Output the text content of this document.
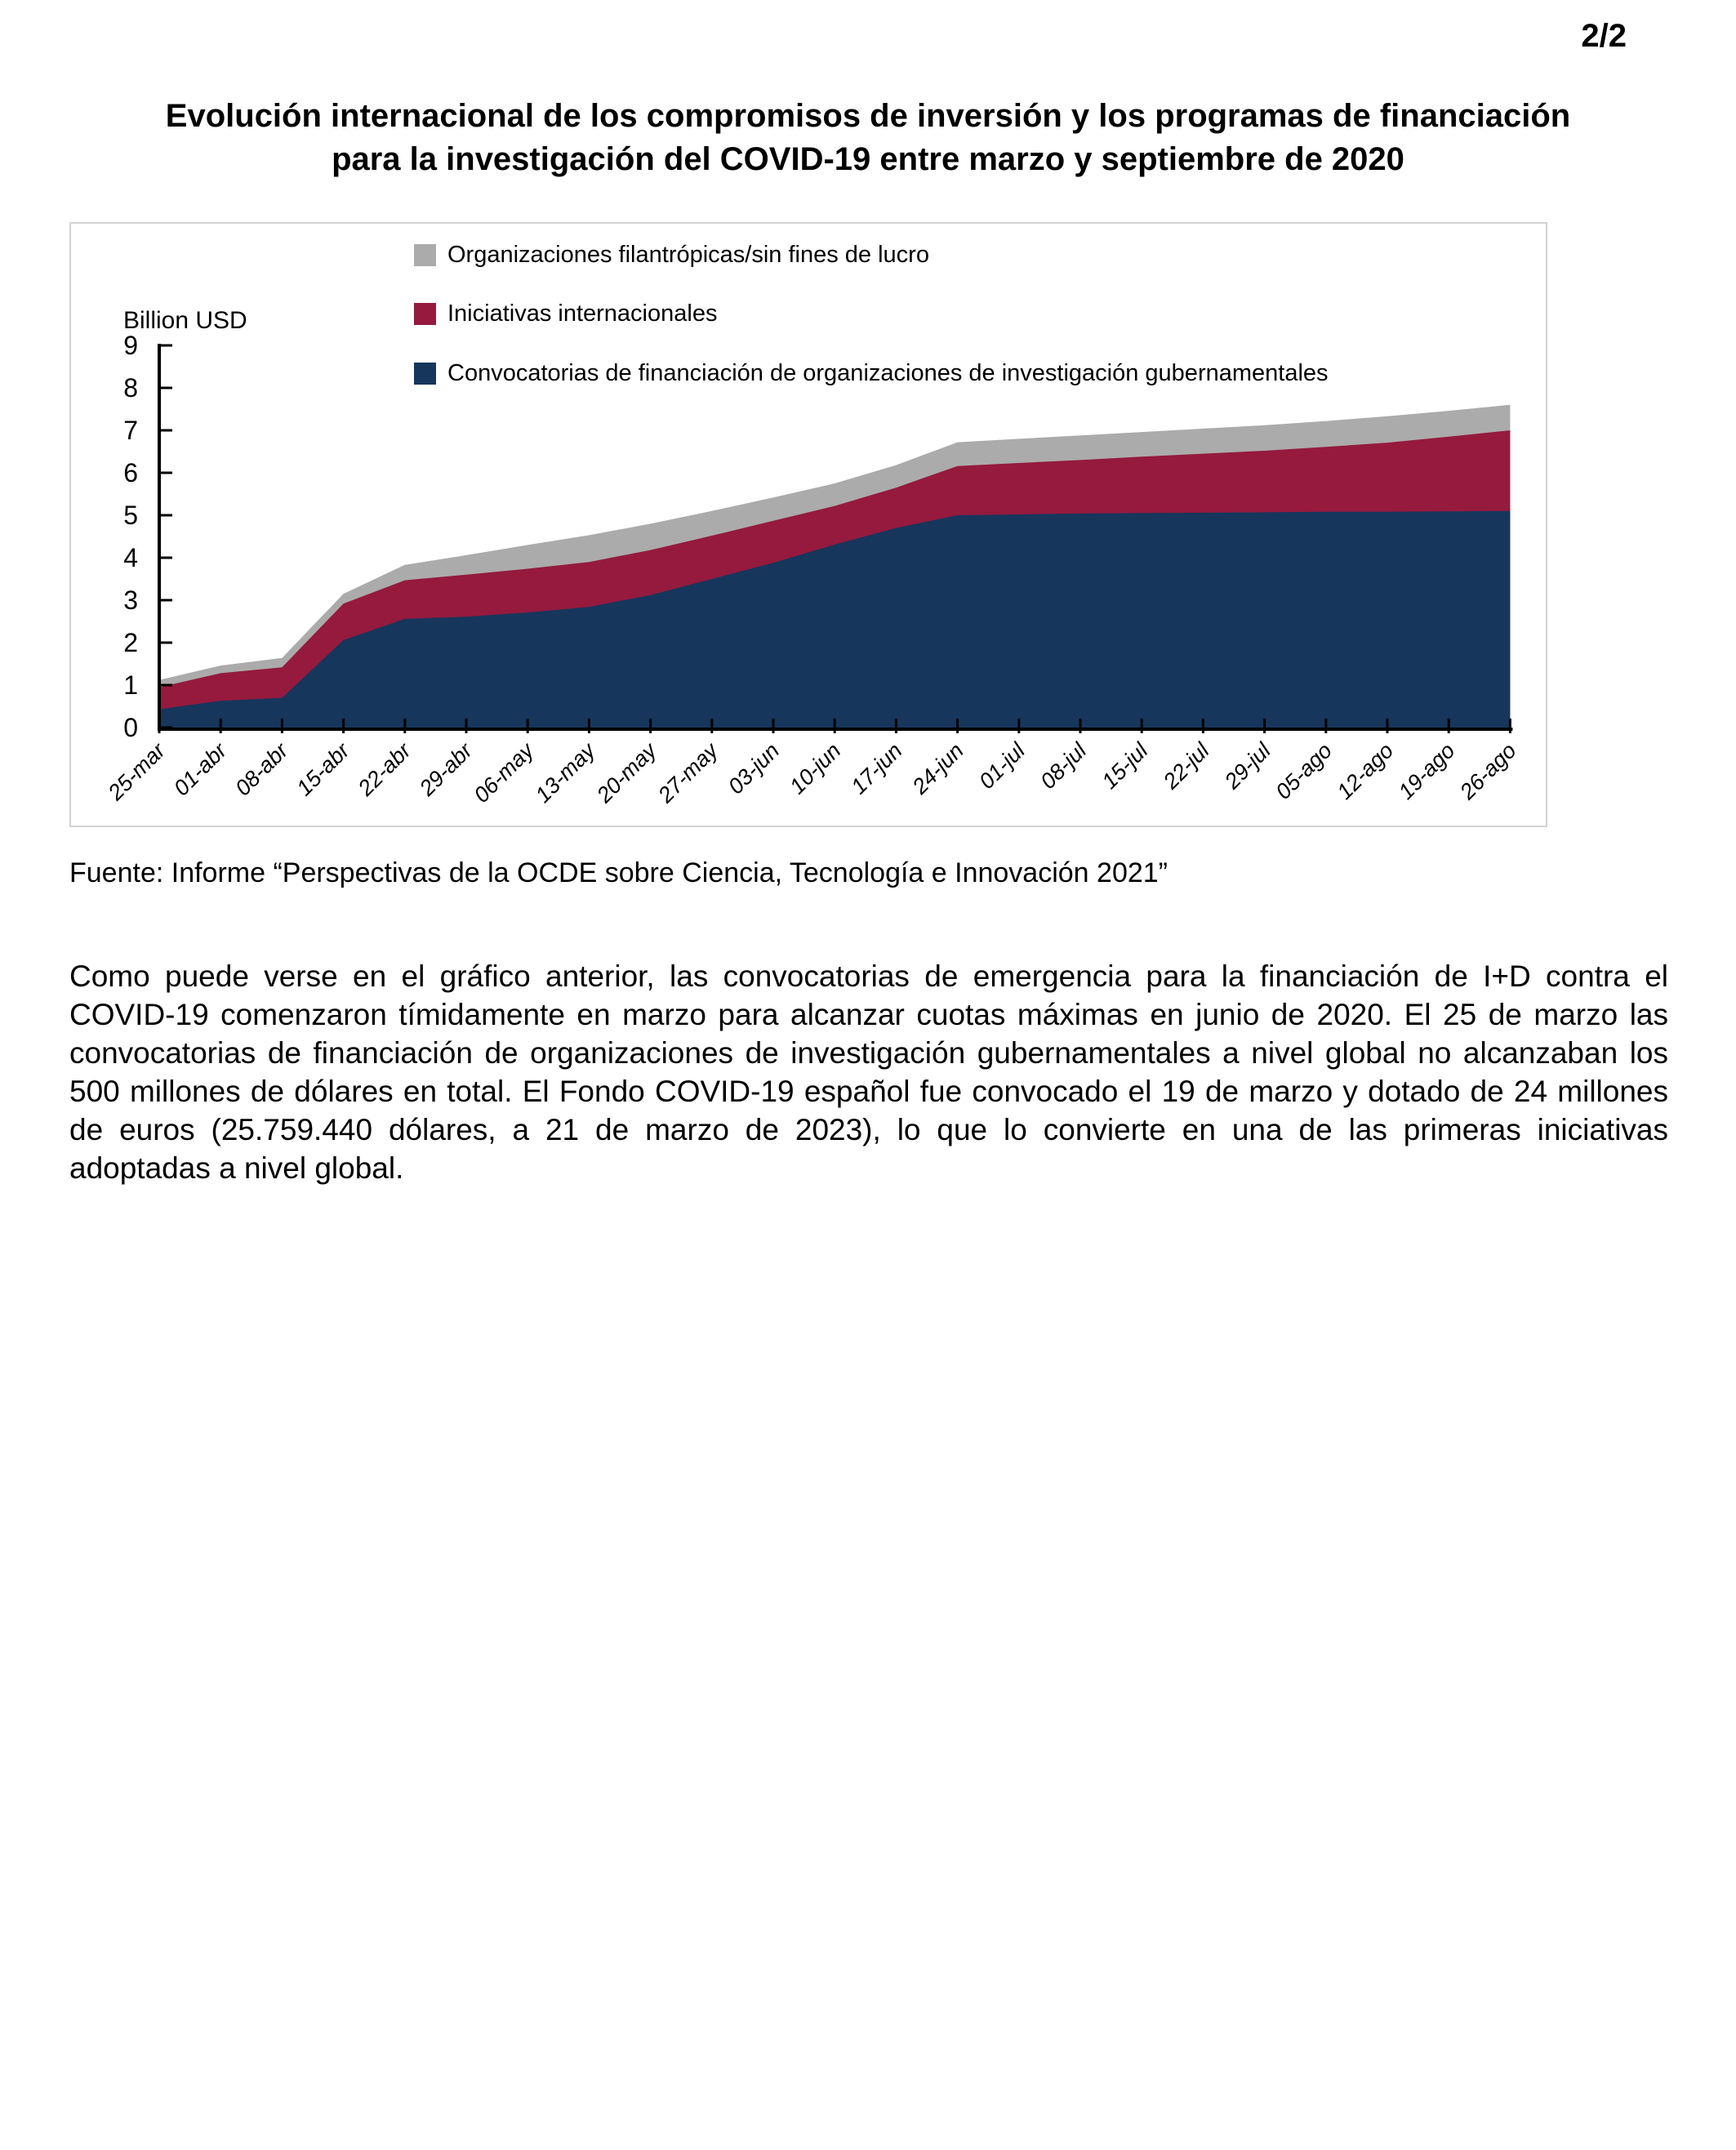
2/2
Evolución internacional de los compromisos de inversión y los programas de financiación
para la investigación del COVID-19 entre marzo y septiembre de 2020
0
1
2
3
4
5
6
7
8
9
Billion USD
25-mar
01-abr
08-abr
15-abr
22-abr
29-abr
06-may
13-may
20-may
27-may 03-jun 10-jun 17-jun 24-jun 01-jul 08-jul 15-jul 22-jul 29-jul
05-ago
12-ago
19-ago
26-ago
Organizaciones filantrópicas/sin fines de lucro
Iniciativas internacionales
Convocatorias de financiación de organizaciones de investigación gubernamentales

Fuente: Informe “Perspectivas de la OCDE sobre Ciencia, Tecnología e Innovación 2021”

Como puede verse en el gráfico anterior, las convocatorias de emergencia para la financiación de I+D contra el COVID-19 comenzaron tímidamente en marzo para alcanzar cuotas máximas en junio de 2020. El 25 de marzo las convocatorias de financiación de organizaciones de investigación gubernamentales a nivel global no alcanzaban los 500 millones de dólares en total. El Fondo COVID-19 español fue convocado el 19 de marzo y dotado de 24 millones de euros (25.759.440 dólares, a 21 de marzo de 2023), lo que lo convierte en una de las primeras iniciativas adoptadas a nivel global.
